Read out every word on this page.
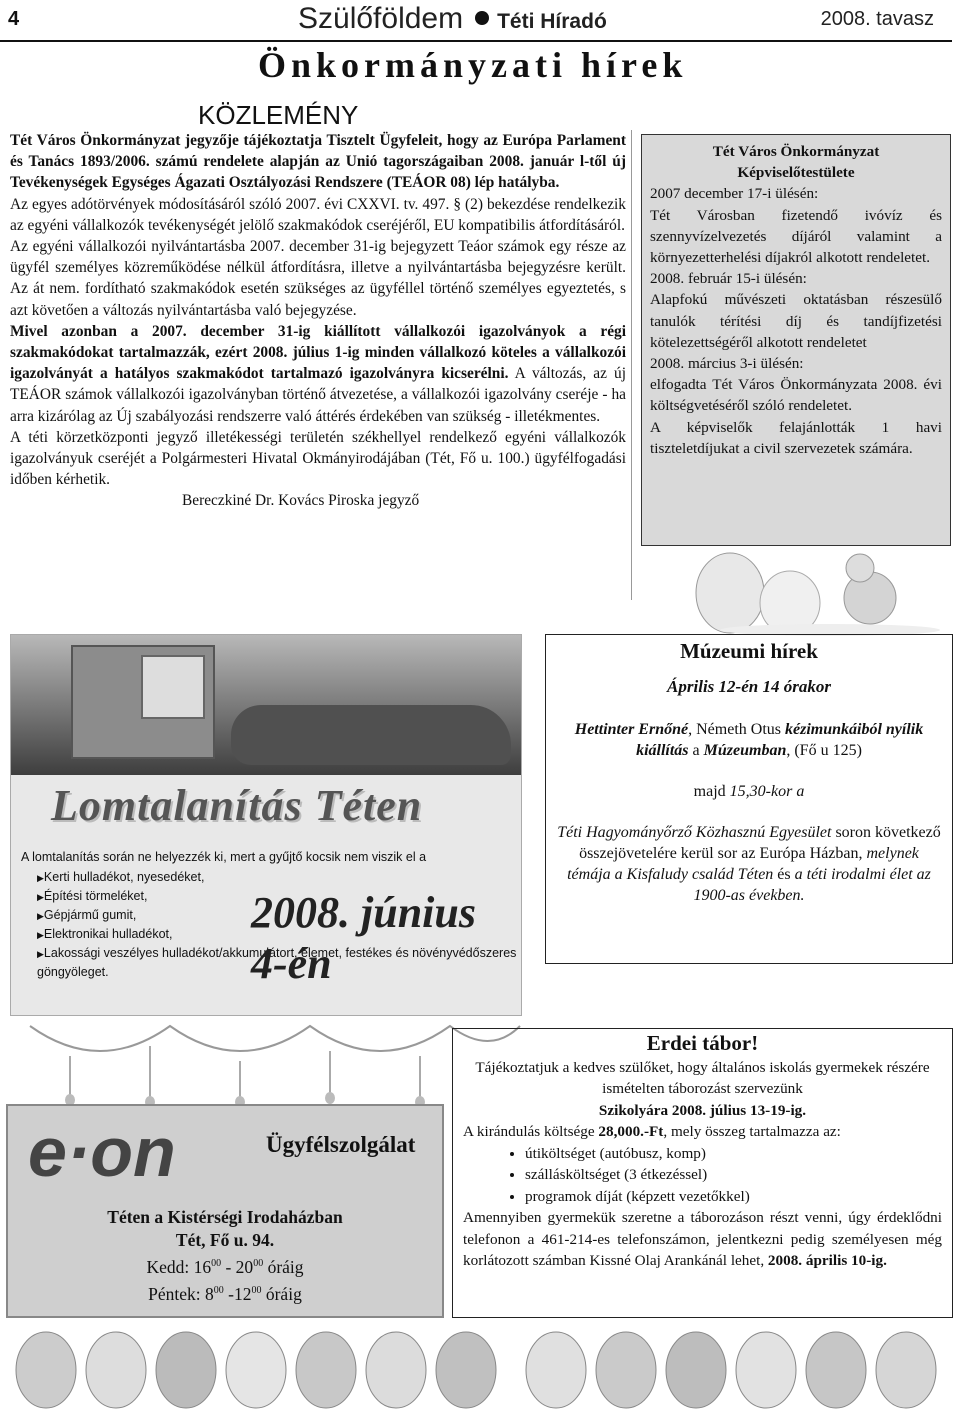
4	Szülőföldem Téti Híradó	2008. tavasz
Önkormányzati hírek
KÖZLEMÉNY

Tét Város Önkormányzat jegyzője tájékoztatja Tisztelt Ügyfeleit, hogy az Európa Parlament és Tanács 1893/2006. számú rendelete alapján az Unió tagországaiban 2008. január l-től új Tevékenységek Egységes Ágazati Osztályozási Rendszere (TEÁOR 08) lép hatályba.

Az egyes adótörvények módosításáról szóló 2007. évi CXXVI. tv. 497. § (2) bekezdése rendelkezik az egyéni vállalkozók tevékenységét jelölő szakmakódok cseréjéről, EU kompatibilis átfordításáról.

Az egyéni vállalkozói nyilvántartásba 2007. december 31-ig bejegyzett Teáor számok egy része az ügyfél személyes közreműködése nélkül átfordításra, illetve a nyilvántartásba bejegyzésre került. Az át nem. fordítható szakmakódok esetén szükséges az ügyféllel történő személyes egyeztetés, s azt követően a változás nyilvántartásba való bejegyzése.

Mivel azonban a 2007. december 31-ig kiállított vállalkozói igazolványok a régi szakmakódokat tartalmazzák, ezért 2008. július 1-ig minden vállalkozó köteles a vállalkozói igazolványát a hatályos szakmakódot tartalmazó igazolványra kicserélni. A változás, az új TEÁOR számok vállalkozói igazolványban történő átvezetése, a vállalkozói igazolvány cseréje - ha arra kizárólag az Új szabályozási rendszerre való áttérés érdekében van szükség - illetékmentes.

A téti körzetközponti jegyző illetékességi területén székhellyel rendelkező egyéni vállalkozók igazolványuk cseréjét a Polgármesteri Hivatal Okmányirodájában (Tét, Fő u. 100.) ügyfélfogadási időben kérhetik.

Bereczkiné Dr. Kovács Piroska jegyző

Tét Város Önkormányzat

Képviselőtestülete

2007 december 17-i ülésén:

Tét Városban fizetendő ivóvíz és szennyvízelvezetés díjáról valamint a környezetterhelési díjakról alkotott rendeletet.

2008. február 15-i ülésén:

Alapfokú művészeti oktatásban részesülő tanulók térítési díj és tandíjfizetési kötelezettségéről alkotott rendeletet

2008. március 3-i ülésén:

elfogadta Tét Város Önkormányzata 2008. évi költségvetéséről szóló rendeletet.

A képviselők felajánlották 1 havi tiszteletdíjukat a civil szervezetek számára.

Múzeumi hírek

Április 12-én 14 órakor

Hettinter Ernőné, Németh Otus kézimunkáiból nyílik kiállítás a Múzeumban, (Fő u 125)

majd 15,30-kor a

Téti Hagyományőrző Közhasznú Egyesület soron következő összejövetelére kerül sor az Európa Házban, melynek témája a Kisfaludy család Téten és a téti irodalmi élet az 1900-as években.

Lomtalanítás Téten
A lomtalanítás során ne helyezzék ki, mert a gyűjtő kocsik nem viszik el a
▶ Kerti hulladékot, nyesedéket,
▶ Építési törmeléket,
▶ Gépjármű gumit,
▶ Elektronikai hulladékot,
▶ Lakossági veszélyes hulladékot/akkumulátort, elemet, festékes és növényvédőszeres göngyöleget.
2008. június 4-én
e·on	Ügyfélszolgálat
Téten a Kistérségi Irodaházban
Tét, Fő u. 94.
Kedd: $16^{00} - 20^{00}$ óráig
Péntek: $8^{00}$ $-12^{00}$ óráig

Erdei tábor!

Tájékoztatjuk a kedves szülőket, hogy általános iskolás gyermekek részére ismételten táborozást szervezünk

Szikolyára 2008. július 13-19-ig.

A kirándulás költsége 28,000.-Ft, mely összeg tartalmazza az:

• útiköltséget (autóbusz, komp)
• szállásköltséget (3 étkezéssel)
• programok díját (képzett vezetőkkel)

Amennyiben gyermekük szeretne a táborozáson részt venni, úgy érdeklődni telefonon a 461-214-es telefonszámon, jelentkezni pedig személyesen még korlátozott számban Kissné Olaj Arankánál lehet, 2008. április 10-ig.
